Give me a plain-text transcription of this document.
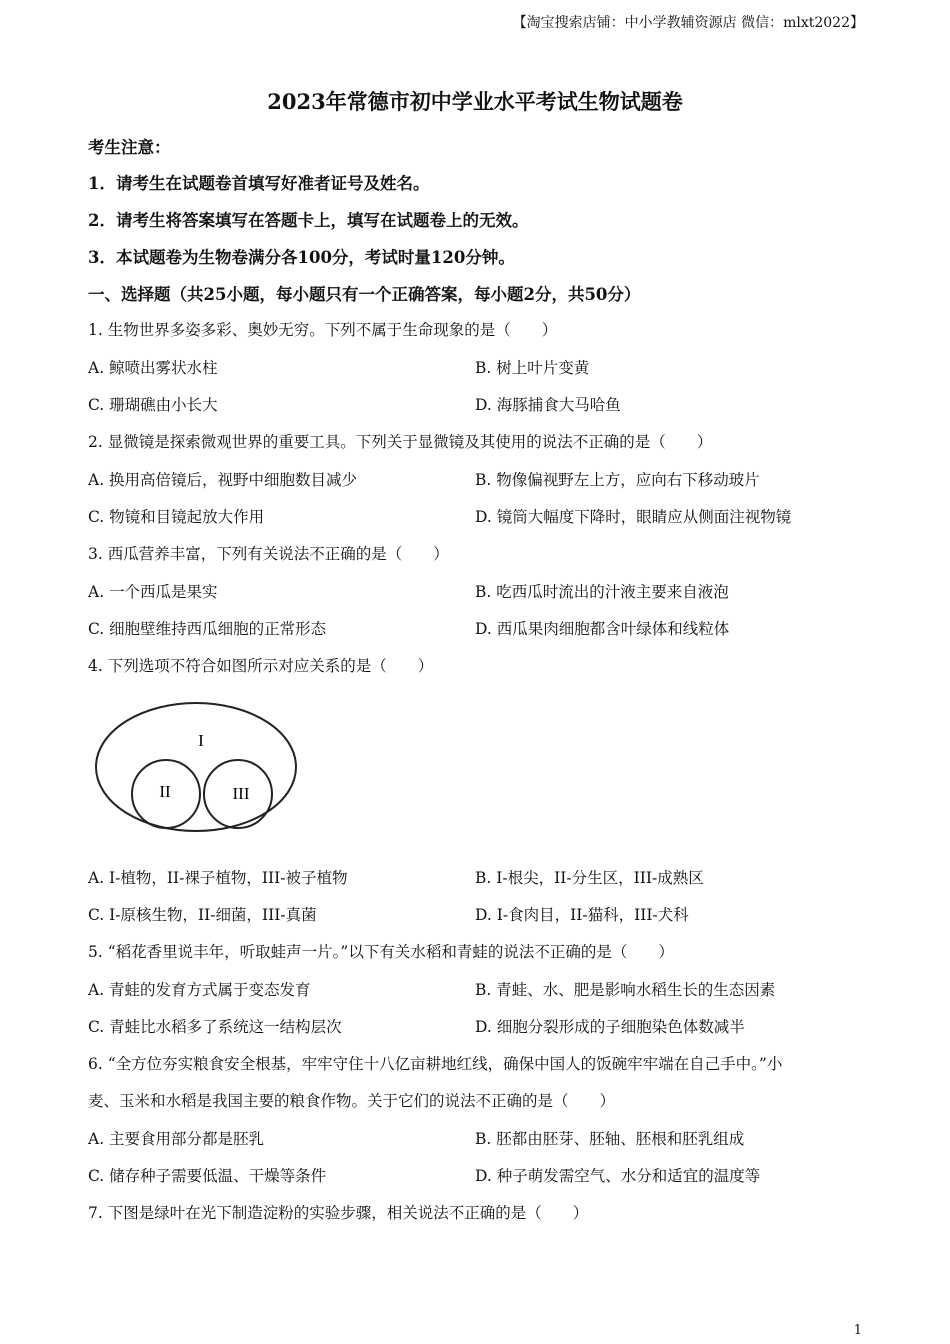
【淘宝搜索店铺：中小学教辅资源店 微信：mlxt2022】
2023年常德市初中学业水平考试生物试题卷
考生注意：
1．请考生在试题卷首填写好准者证号及姓名。
2．请考生将答案填写在答题卡上，填写在试题卷上的无效。
3．本试题卷为生物卷满分各100分，考试时量120分钟。
一、选择题（共25小题，每小题只有一个正确答案，每小题2分，共50分）
1. 生物世界多姿多彩、奥妙无穷。下列不属于生命现象的是（　　）
A. 鲸喷出雾状水柱	B. 树上叶片变黄
C. 珊瑚礁由小长大	D. 海豚捕食大马哈鱼
2. 显微镜是探索微观世界的重要工具。下列关于显微镜及其使用的说法不正确的是（　　）
A. 换用高倍镜后，视野中细胞数目减少	B. 物像偏视野左上方，应向右下移动玻片
C. 物镜和目镜起放大作用	D. 镜筒大幅度下降时，眼睛应从侧面注视物镜
3. 西瓜营养丰富，下列有关说法不正确的是（　　）
A. 一个西瓜是果实	B. 吃西瓜时流出的汁液主要来自液泡
C. 细胞壁维持西瓜细胞的正常形态	D. 西瓜果肉细胞都含叶绿体和线粒体
4. 下列选项不符合如图所示对应关系的是（　　）
I
II	III
A. I-植物，II-裸子植物，III-被子植物	B. I-根尖，II-分生区，III-成熟区
C. I-原核生物，II-细菌，III-真菌	D. I-食肉目，II-猫科，III-犬科
5. “稻花香里说丰年，听取蛙声一片。”以下有关水稻和青蛙的说法不正确的是（　　）
A. 青蛙的发育方式属于变态发育	B. 青蛙、水、肥是影响水稻生长的生态因素
C. 青蛙比水稻多了系统这一结构层次	D. 细胞分裂形成的子细胞染色体数减半
6. “全方位夯实粮食安全根基，牢牢守住十八亿亩耕地红线，确保中国人的饭碗牢牢端在自己手中。”小
麦、玉米和水稻是我国主要的粮食作物。关于它们的说法不正确的是（　　）
A. 主要食用部分都是胚乳	B. 胚都由胚芽、胚轴、胚根和胚乳组成
C. 储存种子需要低温、干燥等条件	D. 种子萌发需空气、水分和适宜的温度等
7. 下图是绿叶在光下制造淀粉的实验步骤，相关说法不正确的是（　　）
1
